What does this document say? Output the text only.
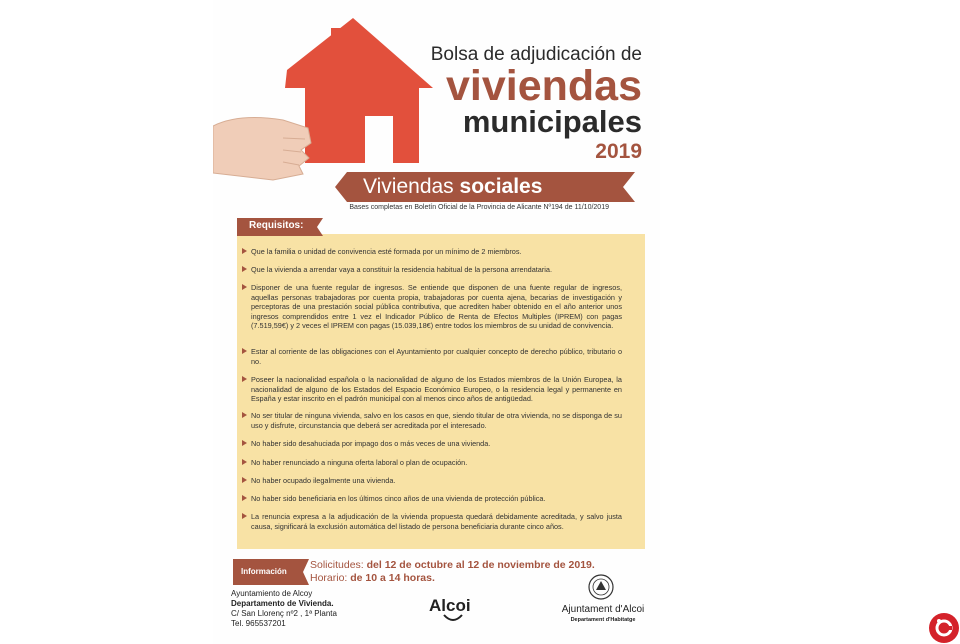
Bolsa de adjudicación de
viviendas
municipales
2019
Viviendas sociales
Bases completas en Boletín Oficial de la Provincia de Alicante Nº194 de 11/10/2019
Requisitos:
Que la familia o unidad de convivencia esté formada por un mínimo de 2 miembros.
Que la vivienda a arrendar vaya a constituir la residencia habitual de la persona arrendataria.
Disponer de una fuente regular de ingresos. Se entiende que disponen de una fuente regular de ingresos, aquellas personas trabajadoras por cuenta propia, trabajadoras por cuenta ajena, becarias de investigación y perceptoras de una prestación social pública contributiva, que acrediten haber obtenido en el año anterior unos ingresos comprendidos entre 1 vez el Indicador Público de Renta de Efectos Multiples (IPREM) con pagas (7.519,59€) y 2 veces el IPREM con pagas (15.039,18€) entre todos los miembros de su unidad de convivencia.
Estar al corriente de las obligaciones con el Ayuntamiento por cualquier concepto de derecho público, tributario o no.
Poseer la nacionalidad española o la nacionalidad de alguno de los Estados miembros de la Unión Europea, la nacionalidad de alguno de los Estados del Espacio Económico Europeo, o la residencia legal y permanente en España y estar inscrito en el padrón municipal con al menos cinco años de antigüedad.
No ser titular de ninguna vivienda, salvo en los casos en que, siendo titular de otra vivienda, no se disponga de su uso y disfrute, circunstancia que deberá ser acreditada por el interesado.
No haber sido desahuciada por impago dos o más veces de una vivienda.
No haber renunciado a ninguna oferta laboral o plan de ocupación.
No haber ocupado ilegalmente una vivienda.
No haber sido beneficiaria en los últimos cinco años de una vivienda de protección pública.
La renuncia expresa a la adjudicación de la vivienda propuesta quedará debidamente acreditada, y salvo justa causa, significará la exclusión automática del listado de persona beneficiaria durante cinco años.
Información
Solicitudes: del 12 de octubre al 12 de noviembre de 2019.
Horario: de 10 a 14 horas.
Ayuntamiento de Alcoy
Departamento de Vivienda.
C/ San Llorenç nº2 , 1ª Planta
Tel. 965537201
Alcoi	Ajuntament d'Alcoi
Departament d'Habitatge
